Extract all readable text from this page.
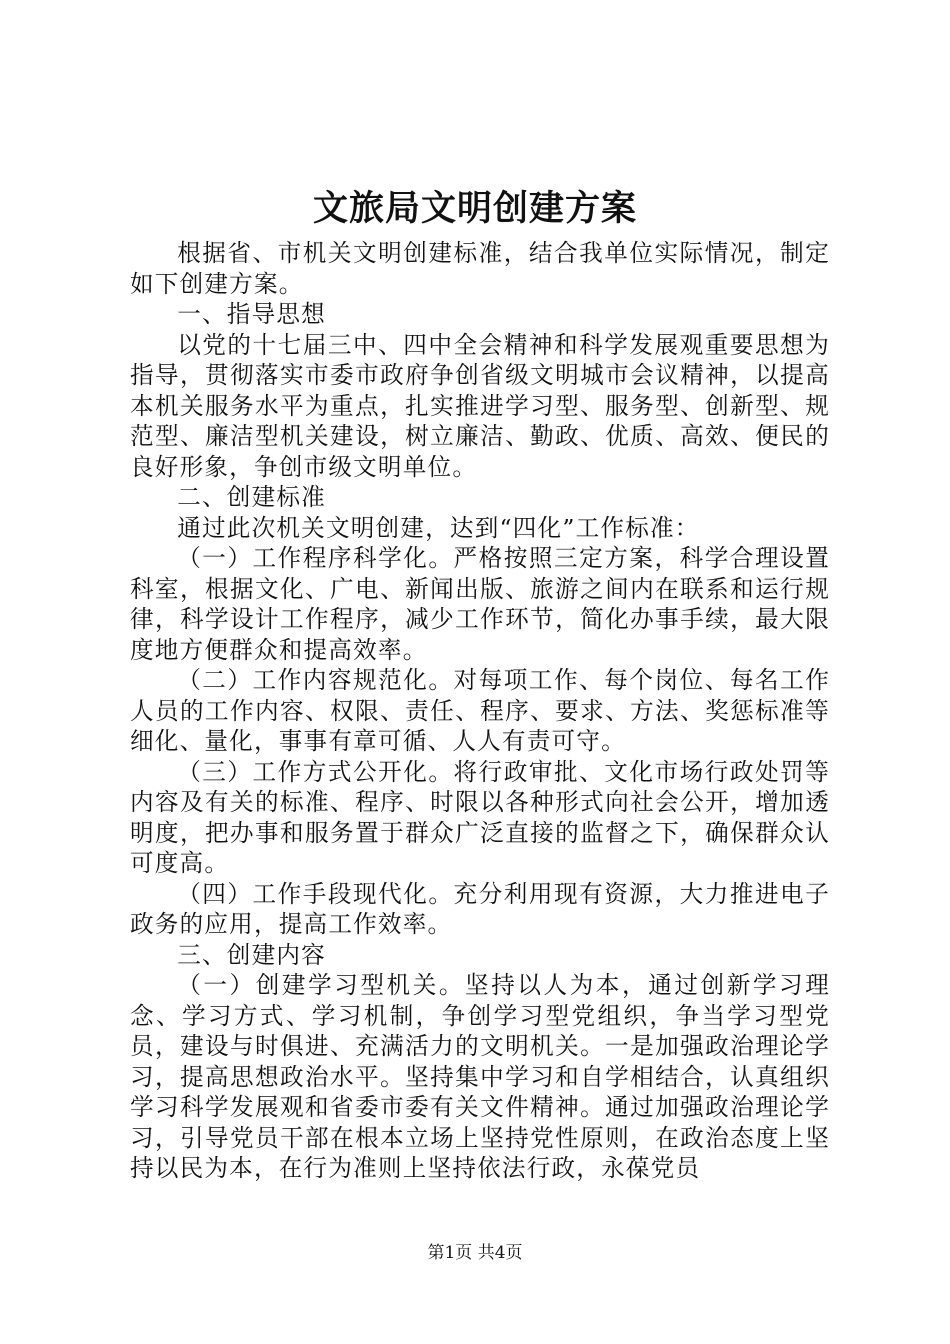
文旅局文明创建方案

根据省、市机关文明创建标准，结合我单位实际情况，制定如下创建方案。

一、指导思想

以党的十七届三中、四中全会精神和科学发展观重要思想为指导，贯彻落实市委市政府争创省级文明城市会议精神，以提高本机关服务水平为重点，扎实推进学习型、服务型、创新型、规范型、廉洁型机关建设，树立廉洁、勤政、优质、高效、便民的良好形象，争创市级文明单位。

二、创建标准

通过此次机关文明创建，达到“四化”工作标准：

（一）工作程序科学化。严格按照三定方案，科学合理设置科室，根据文化、广电、新闻出版、旅游之间内在联系和运行规律，科学设计工作程序，减少工作环节，简化办事手续，最大限度地方便群众和提高效率。

（二）工作内容规范化。对每项工作、每个岗位、每名工作人员的工作内容、权限、责任、程序、要求、方法、奖惩标准等细化、量化，事事有章可循、人人有责可守。

（三）工作方式公开化。将行政审批、文化市场行政处罚等内容及有关的标准、程序、时限以各种形式向社会公开，增加透明度，把办事和服务置于群众广泛直接的监督之下，确保群众认可度高。

（四）工作手段现代化。充分利用现有资源，大力推进电子政务的应用，提高工作效率。

三、创建内容

（一）创建学习型机关。坚持以人为本，通过创新学习理念、学习方式、学习机制，争创学习型党组织，争当学习型党员，建设与时俱进、充满活力的文明机关。一是加强政治理论学习，提高思想政治水平。坚持集中学习和自学相结合，认真组织学习科学发展观和省委市委有关文件精神。通过加强政治理论学习，引导党员干部在根本立场上坚持党性原则，在政治态度上坚持以民为本，在行为准则上坚持依法行政，永葆党员

第1页 共4页
